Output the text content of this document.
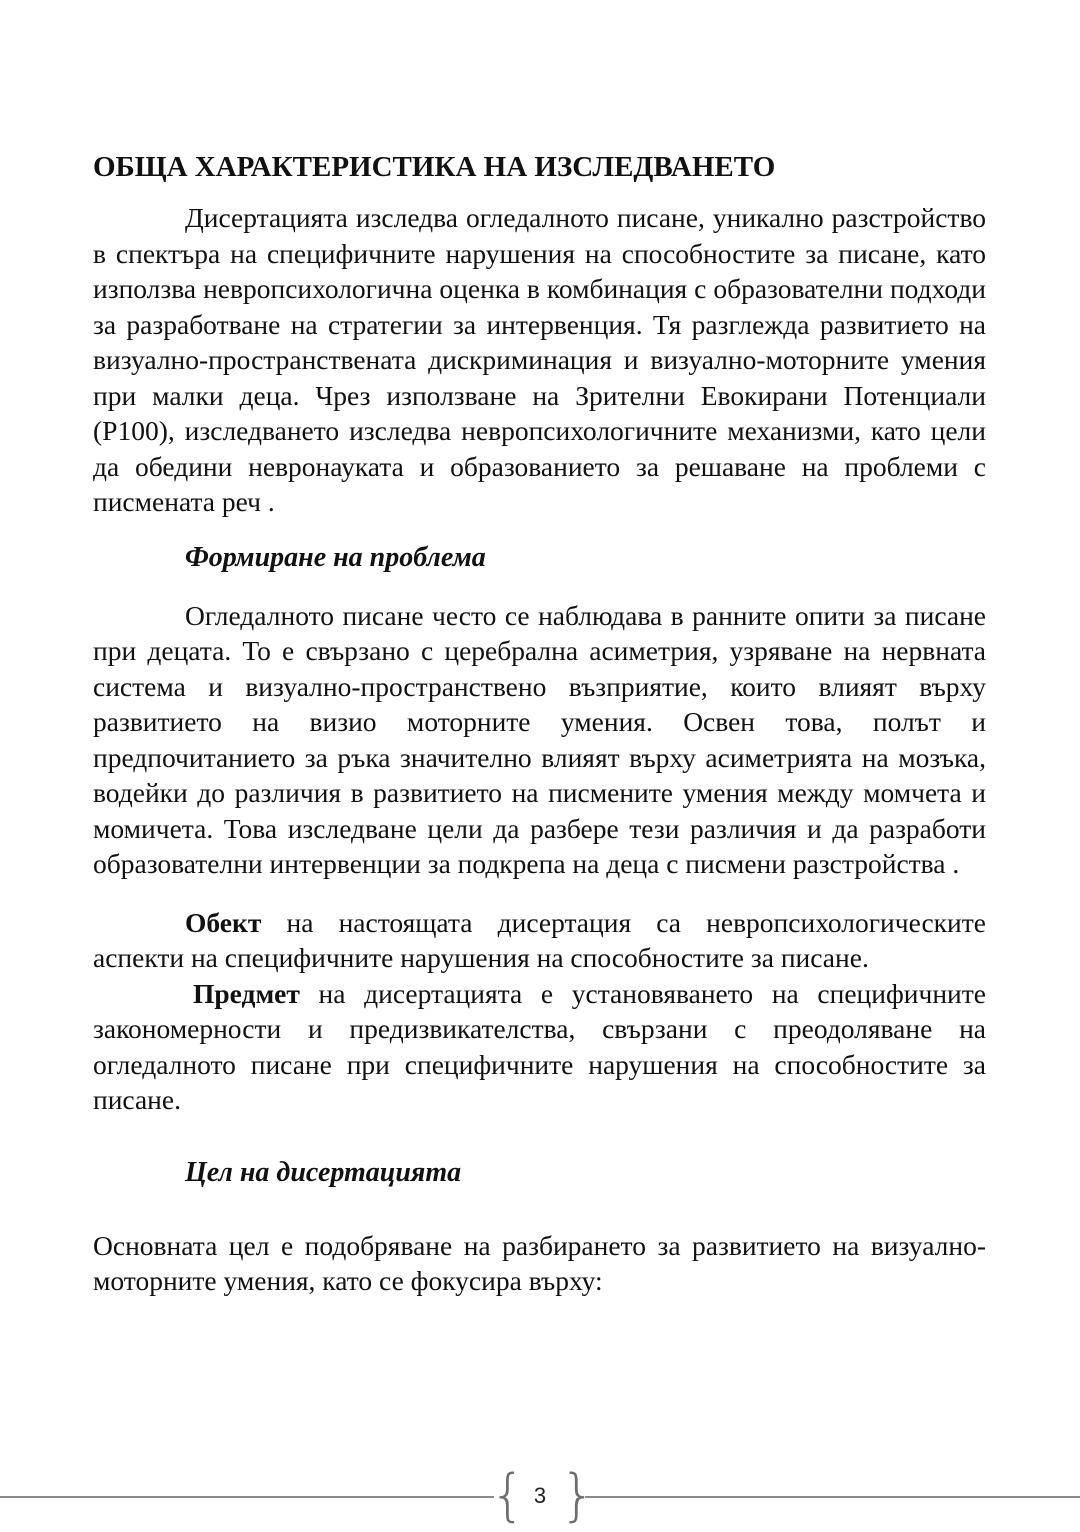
ОБЩА ХАРАКТЕРИСТИКА НА ИЗСЛЕДВАНЕТО

Дисертацията изследва огледалното писане, уникално разстройство в спектъра на специфичните нарушения на способностите за писане, като използва невропсихологична оценка в комбинация с образователни подходи за разработване на стратегии за интервенция. Тя разглежда развитието на визуално-пространствената дискриминация и визуално-моторните умения при малки деца. Чрез използване на Зрителни Евокирани Потенциали (P100), изследването изследва невропсихологичните механизми, като цели да обедини невронауката и образованието за решаване на проблеми с писмената реч .

Формиране на проблема

Огледалното писане често се наблюдава в ранните опити за писане при децата. То е свързано с церебрална асиметрия, узряване на нервната система и визуално-пространствено възприятие, които влияят върху развитието на визио моторните умения. Освен това, полът и предпочитанието за ръка значително влияят върху асиметрията на мозъка, водейки до различия в развитието на писмените умения между момчета и момичета. Това изследване цели да разбере тези различия и да разработи образователни интервенции за подкрепа на деца с писмени разстройства .

Обект на настоящата дисертация са невропсихологическите аспекти на специфичните нарушения на способностите за писане.

Предмет на дисертацията е установяването на специфичните закономерности и предизвикателства, свързани с преодоляване на огледалното писане при специфичните нарушения на способностите за писане.

Цел на дисертацията

Основната цел е подобряване на разбирането за развитието на визуално-моторните умения, като се фокусира върху:

{ 3 }
